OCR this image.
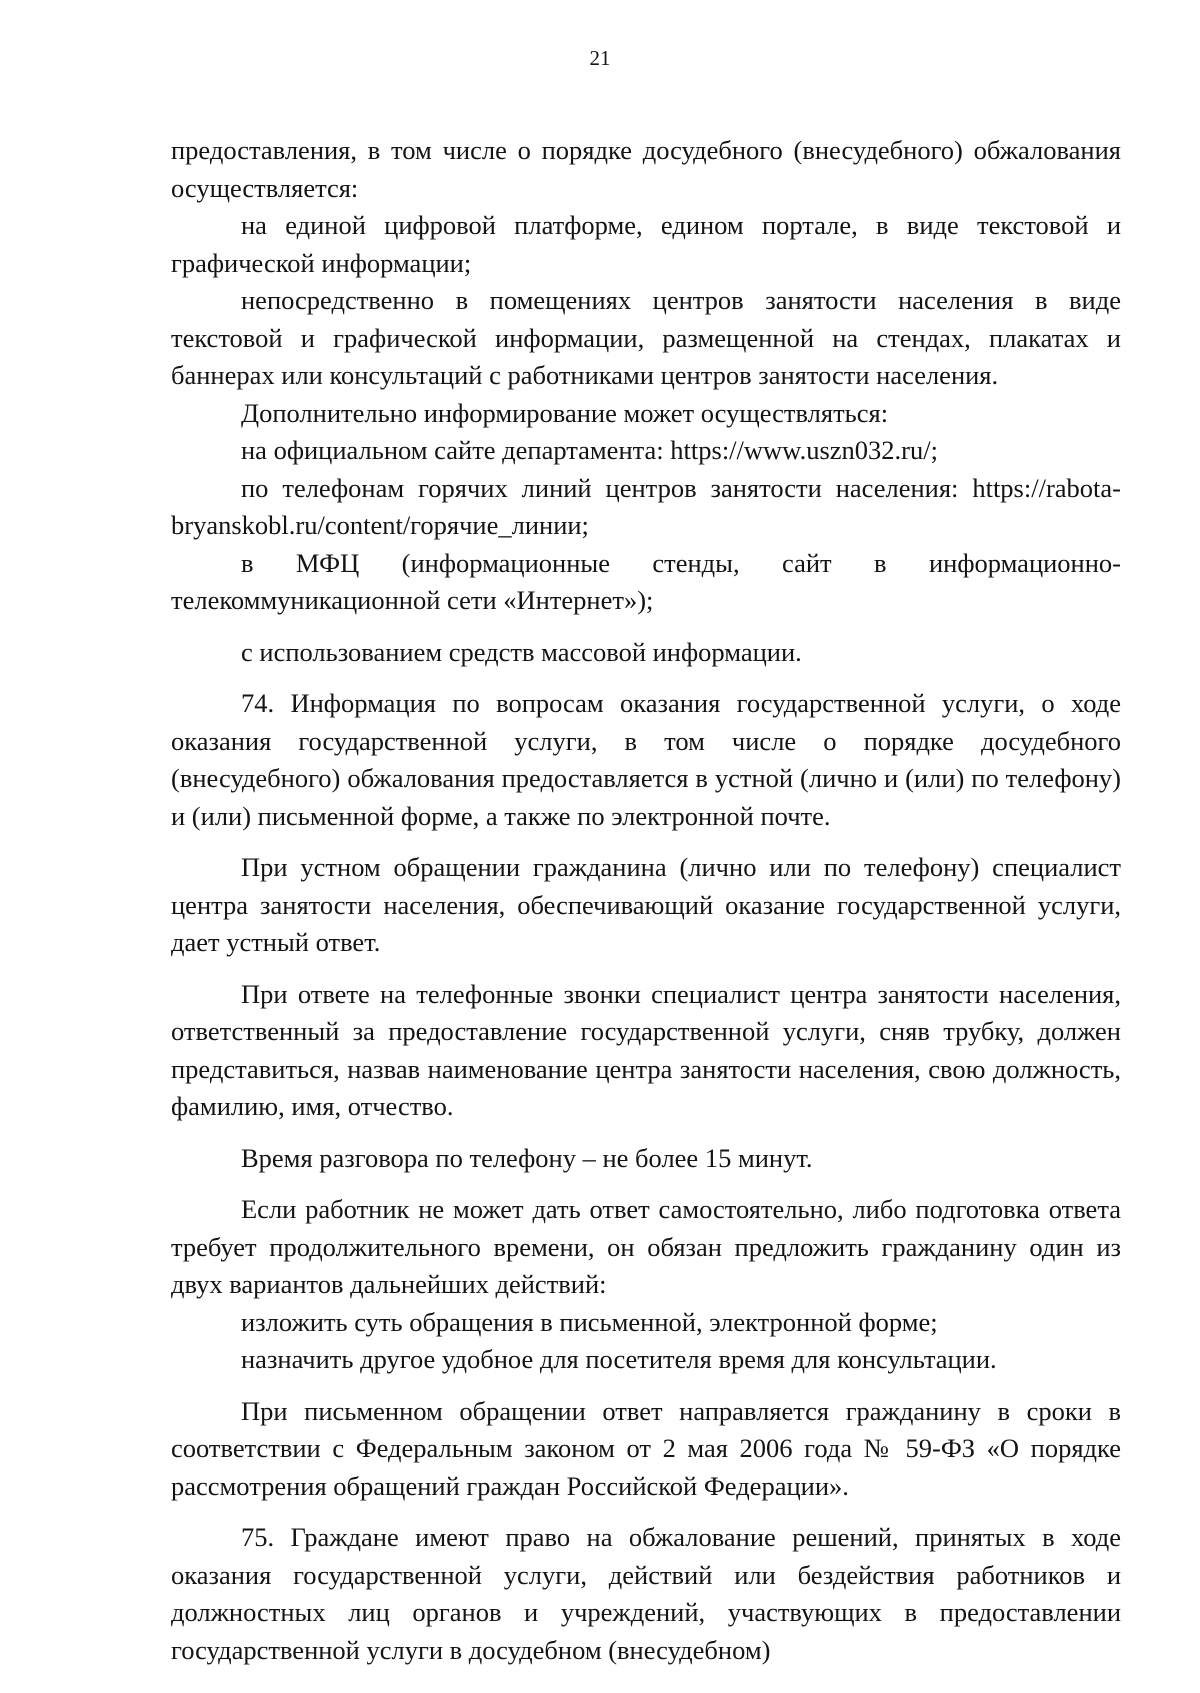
21

предоставления, в том числе о порядке досудебного (внесудебного) обжалования осуществляется:

на единой цифровой платформе, едином портале, в виде текстовой и графической информации;

непосредственно в помещениях центров занятости населения в виде текстовой и графической информации, размещенной на стендах, плакатах и баннерах или консультаций с работниками центров занятости населения.

Дополнительно информирование может осуществляться:

на официальном сайте департамента: https://www.uszn032.ru/;

по телефонам горячих линий центров занятости населения: https://rabota-bryanskobl.ru/content/горячие_линии;

в МФЦ (информационные стенды, сайт в информационно-телекоммуникационной сети «Интернет»);

с использованием средств массовой информации.

74. Информация по вопросам оказания государственной услуги, о ходе оказания государственной услуги, в том числе о порядке досудебного (внесудебного) обжалования предоставляется в устной (лично и (или) по телефону) и (или) письменной форме, а также по электронной почте.

При устном обращении гражданина (лично или по телефону) специалист центра занятости населения, обеспечивающий оказание государственной услуги, дает устный ответ.

При ответе на телефонные звонки специалист центра занятости населения, ответственный за предоставление государственной услуги, сняв трубку, должен представиться, назвав наименование центра занятости населения, свою должность, фамилию, имя, отчество.

Время разговора по телефону – не более 15 минут.

Если работник не может дать ответ самостоятельно, либо подготовка ответа требует продолжительного времени, он обязан предложить гражданину один из двух вариантов дальнейших действий:

изложить суть обращения в письменной, электронной форме;

назначить другое удобное для посетителя время для консультации.

При письменном обращении ответ направляется гражданину в сроки в соответствии с Федеральным законом от 2 мая 2006 года № 59-ФЗ «О порядке рассмотрения обращений граждан Российской Федерации».

75. Граждане имеют право на обжалование решений, принятых в ходе оказания государственной услуги, действий или бездействия работников и должностных лиц органов и учреждений, участвующих в предоставлении государственной услуги в досудебном (внесудебном)
